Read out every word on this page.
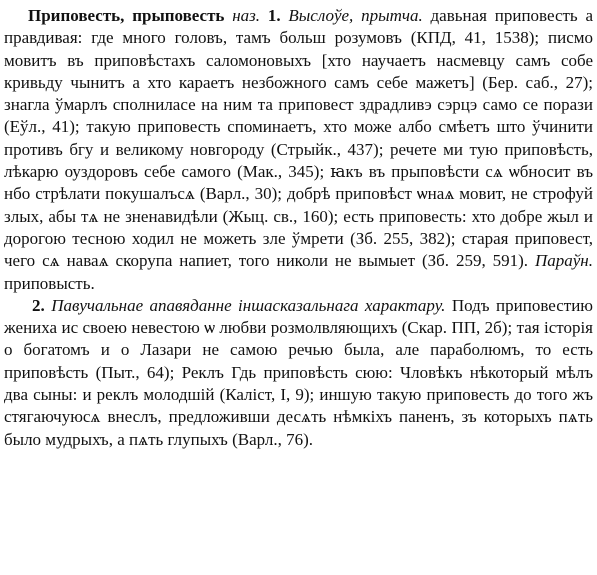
Приповесть, прыповесть наз. 1. Выслоўе, прытча. давьная приповесть а правдивая: где много головъ, тамъ больш розумовъ (КПД, 41, 1538); писмо мовитъ въ приповѣстахъ саломоновыхъ [хто научаетъ насмевцу самъ собе кривьду чынитъ а хто караетъ незбожного самъ себе мажетъ] (Бер. саб., 27); знагла ўмарлъ сполниласе на ним та приповест здрадливэ сэрцэ само се порази (Еўл., 41); такую приповесть споминаетъ, хто може албо смѣетъ што ўчинити противъ бгу и великому новгороду (Стрыйк., 437); речете ми тую приповѣсть, лѣкарю оуздоровъ себе самого (Мак., 345); ꙗкъ въ прыповѣсти сѧ ѡбносит въ нбо стрѣлати покушалъсѧ (Варл., 30); добрѣ приповѣст ѡнаѧ мовит, не строфуй злых, абы тѧ не зненавидѣли (Жыц. св., 160); есть приповесть: хто добре жыл и дорогою тесною ходил не можеть зле ўмрети (Зб. 255, 382); старая приповест, чего сѧ наваѧ скорупа напиет, того николи не вымыет (Зб. 259, 591). Параўн. приповысть.

2. Павучальнае апавяданне іншасказальнага характару. Подъ приповестию жениха ис своею невестою ѡ любви розмолвляющихъ (Скар. ПП, 2б); тая історія о богатомъ и о Лазари не самою речью была, але параболюмъ, то есть приповѣсть (Пыт., 64); Реклъ Гдь приповѣсть сюю: Чловѣкъ нѣкоторый мѣлъ два сыны: и реклъ молодшій (Каліст, I, 9); иншую такую приповесть до того жъ стягаючуюсѧ внеслъ, предложивши десѧть нѣмкіхъ паненъ, зъ которыхъ пѧть было мудрыхъ, а пѧть глупыхъ (Варл., 76).
